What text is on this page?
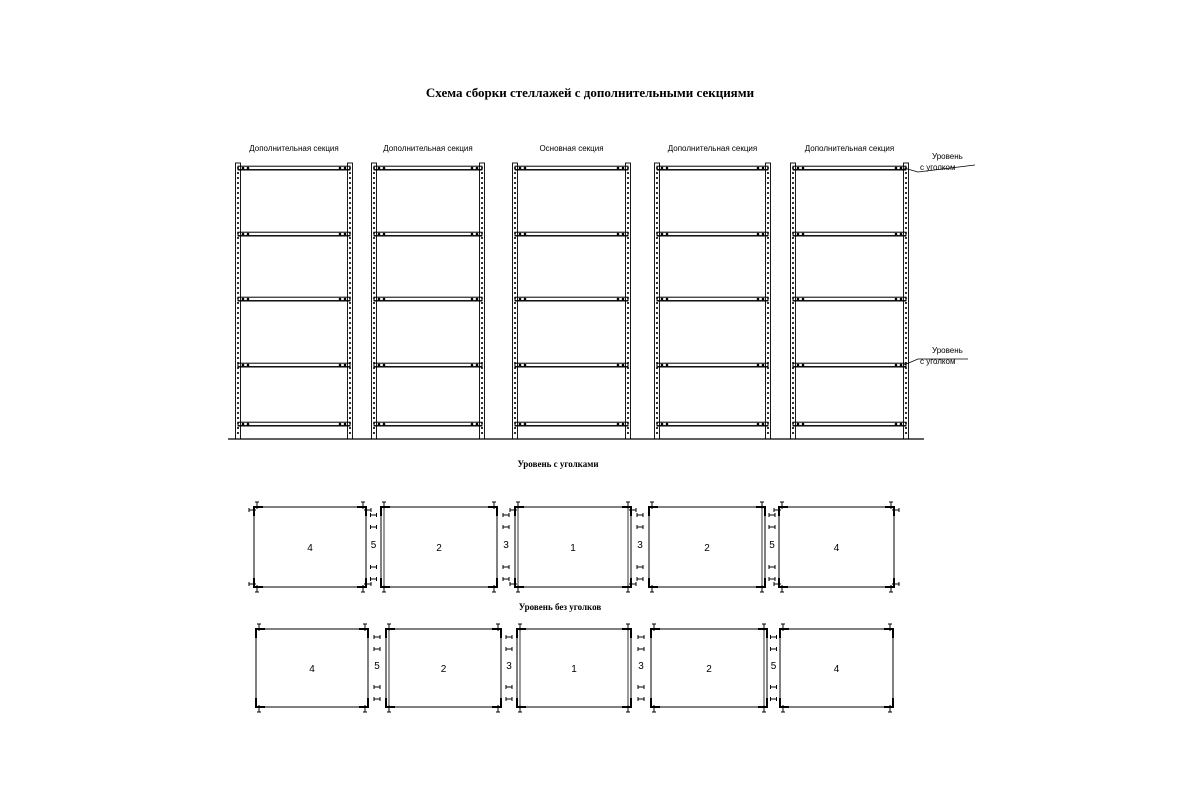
Схема сборки стеллажей с дополнительными секциями
Дополнительная секция	Дополнительная секция	Основная секция	Дополнительная секция	Дополнительная секция
Уровень
с уголком
Уровень
с уголком
Уровень с уголками
Уровень без уголков
4	2	1	2	4
5	3	3	5
4	2	1	2	4
5	3	3	5
